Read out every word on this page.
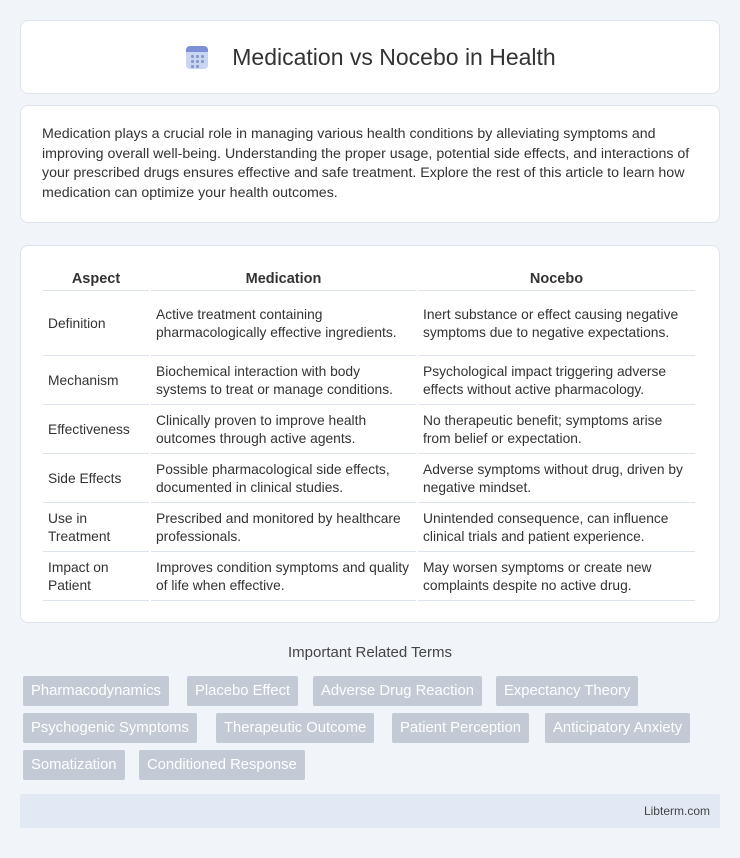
Medication vs Nocebo in Health

Medication plays a crucial role in managing various health conditions by alleviating symptoms and improving overall well-being. Understanding the proper usage, potential side effects, and interactions of your prescribed drugs ensures effective and safe treatment. Explore the rest of this article to learn how medication can optimize your health outcomes.

Aspect	Medication	Nocebo
Definition	Active treatment containing pharmacologically effective ingredients.	Inert substance or effect causing negative symptoms due to negative expectations.
Mechanism	Biochemical interaction with body systems to treat or manage conditions.	Psychological impact triggering adverse effects without active pharmacology.
Effectiveness	Clinically proven to improve health outcomes through active agents.	No therapeutic benefit; symptoms arise from belief or expectation.
Side Effects	Possible pharmacological side effects, documented in clinical studies.	Adverse symptoms without drug, driven by negative mindset.
Use in Treatment	Prescribed and monitored by healthcare professionals.	Unintended consequence, can influence clinical trials and patient experience.
Impact on Patient	Improves condition symptoms and quality of life when effective.	May worsen symptoms or create new complaints despite no active drug.
Important Related Terms
Pharmacodynamics	Placebo Effect	Adverse Drug Reaction	Expectancy Theory
Psychogenic Symptoms	Therapeutic Outcome	Patient Perception	Anticipatory Anxiety
Somatization	Conditioned Response
Libterm.com
